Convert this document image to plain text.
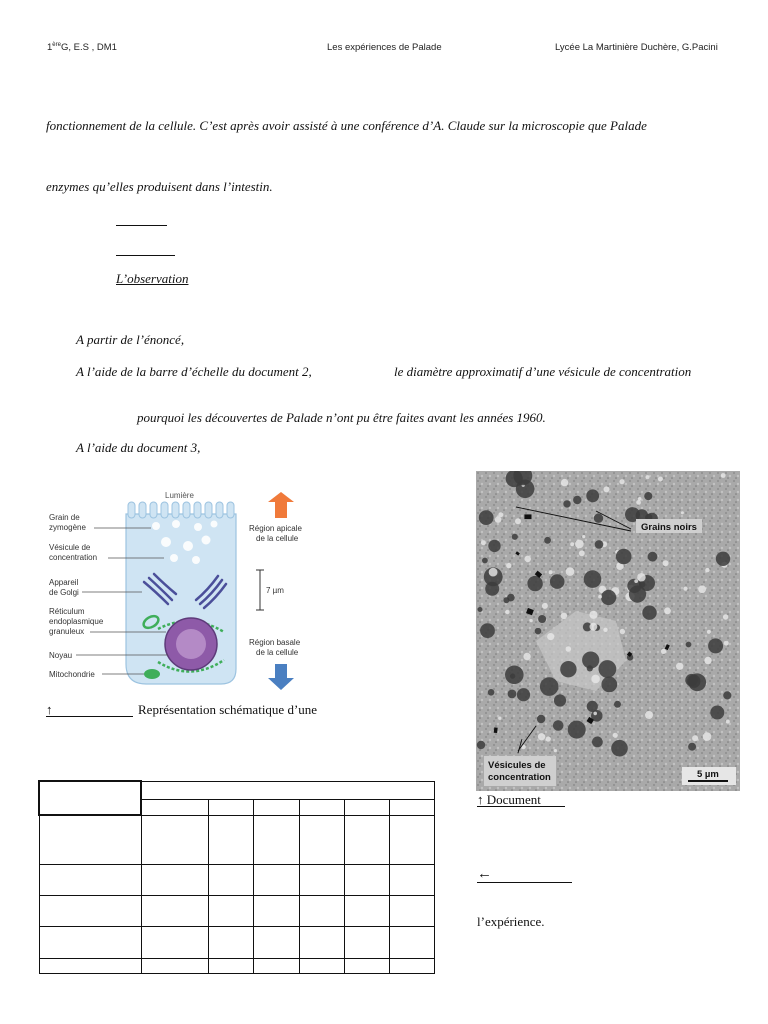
1èreG, E.S , DM1	Les expériences de Palade	Lycée La Martinière Duchère, G.Pacini
fonctionnement de la cellule. C’est après avoir assisté à une conférence d’A. Claude sur la microscopie que Palade
enzymes qu’elles produisent dans l’intestin.
L’observation
A partir de l’énoncé,
A l’aide de la barre d’échelle du document 2,	le diamètre approximatif d’une vésicule de concentration
pourquoi les découvertes de Palade n’ont pu être faites avant les années 1960.
A l’aide du document 3,
Lumière
Grain de
zymogène
Vésicule de
concentration
Appareil
de Golgi
Réticulum
endoplasmique
granuleux
Noyau
Mitochondrie
Région apicale
de la cellule
7 µm
Région basale
de la cellule
↑	Représentation schématique d’une
Grains noirs
Vésicules de
concentration	5 µm
↑ Document
←
l’expérience.
